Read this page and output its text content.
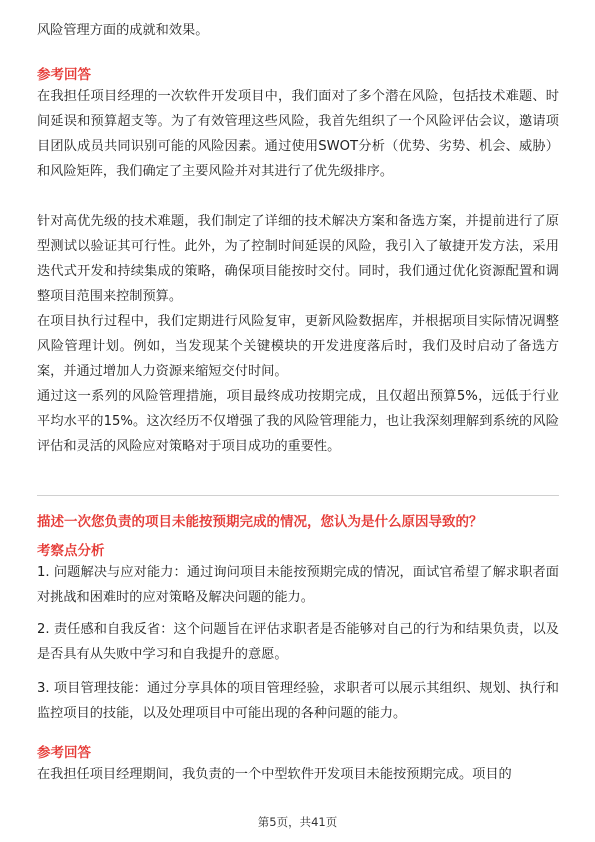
风险管理方面的成就和效果。

参考回答

在我担任项目经理的一次软件开发项目中，我们面对了多个潜在风险，包括技术难题、时间延误和预算超支等。为了有效管理这些风险，我首先组织了一个风险评估会议，邀请项目团队成员共同识别可能的风险因素。通过使用SWOT分析（优势、劣势、机会、威胁）和风险矩阵，我们确定了主要风险并对其进行了优先级排序。

针对高优先级的技术难题，我们制定了详细的技术解决方案和备选方案，并提前进行了原型测试以验证其可行性。此外，为了控制时间延误的风险，我引入了敏捷开发方法，采用迭代式开发和持续集成的策略，确保项目能按时交付。同时，我们通过优化资源配置和调整项目范围来控制预算。

在项目执行过程中，我们定期进行风险复审，更新风险数据库，并根据项目实际情况调整风险管理计划。例如，当发现某个关键模块的开发进度落后时，我们及时启动了备选方案，并通过增加人力资源来缩短交付时间。

通过这一系列的风险管理措施，项目最终成功按期完成，且仅超出预算5%，远低于行业平均水平的15%。这次经历不仅增强了我的风险管理能力，也让我深刻理解到系统的风险评估和灵活的风险应对策略对于项目成功的重要性。

描述一次您负责的项目未能按预期完成的情况，您认为是什么原因导致的？

考察点分析

1. 问题解决与应对能力：通过询问项目未能按预期完成的情况，面试官希望了解求职者面对挑战和困难时的应对策略及解决问题的能力。

2. 责任感和自我反省：这个问题旨在评估求职者是否能够对自己的行为和结果负责，以及是否具有从失败中学习和自我提升的意愿。

3. 项目管理技能：通过分享具体的项目管理经验，求职者可以展示其组织、规划、执行和监控项目的技能，以及处理项目中可能出现的各种问题的能力。

参考回答

在我担任项目经理期间，我负责的一个中型软件开发项目未能按预期完成。项目的

第5页，共41页
